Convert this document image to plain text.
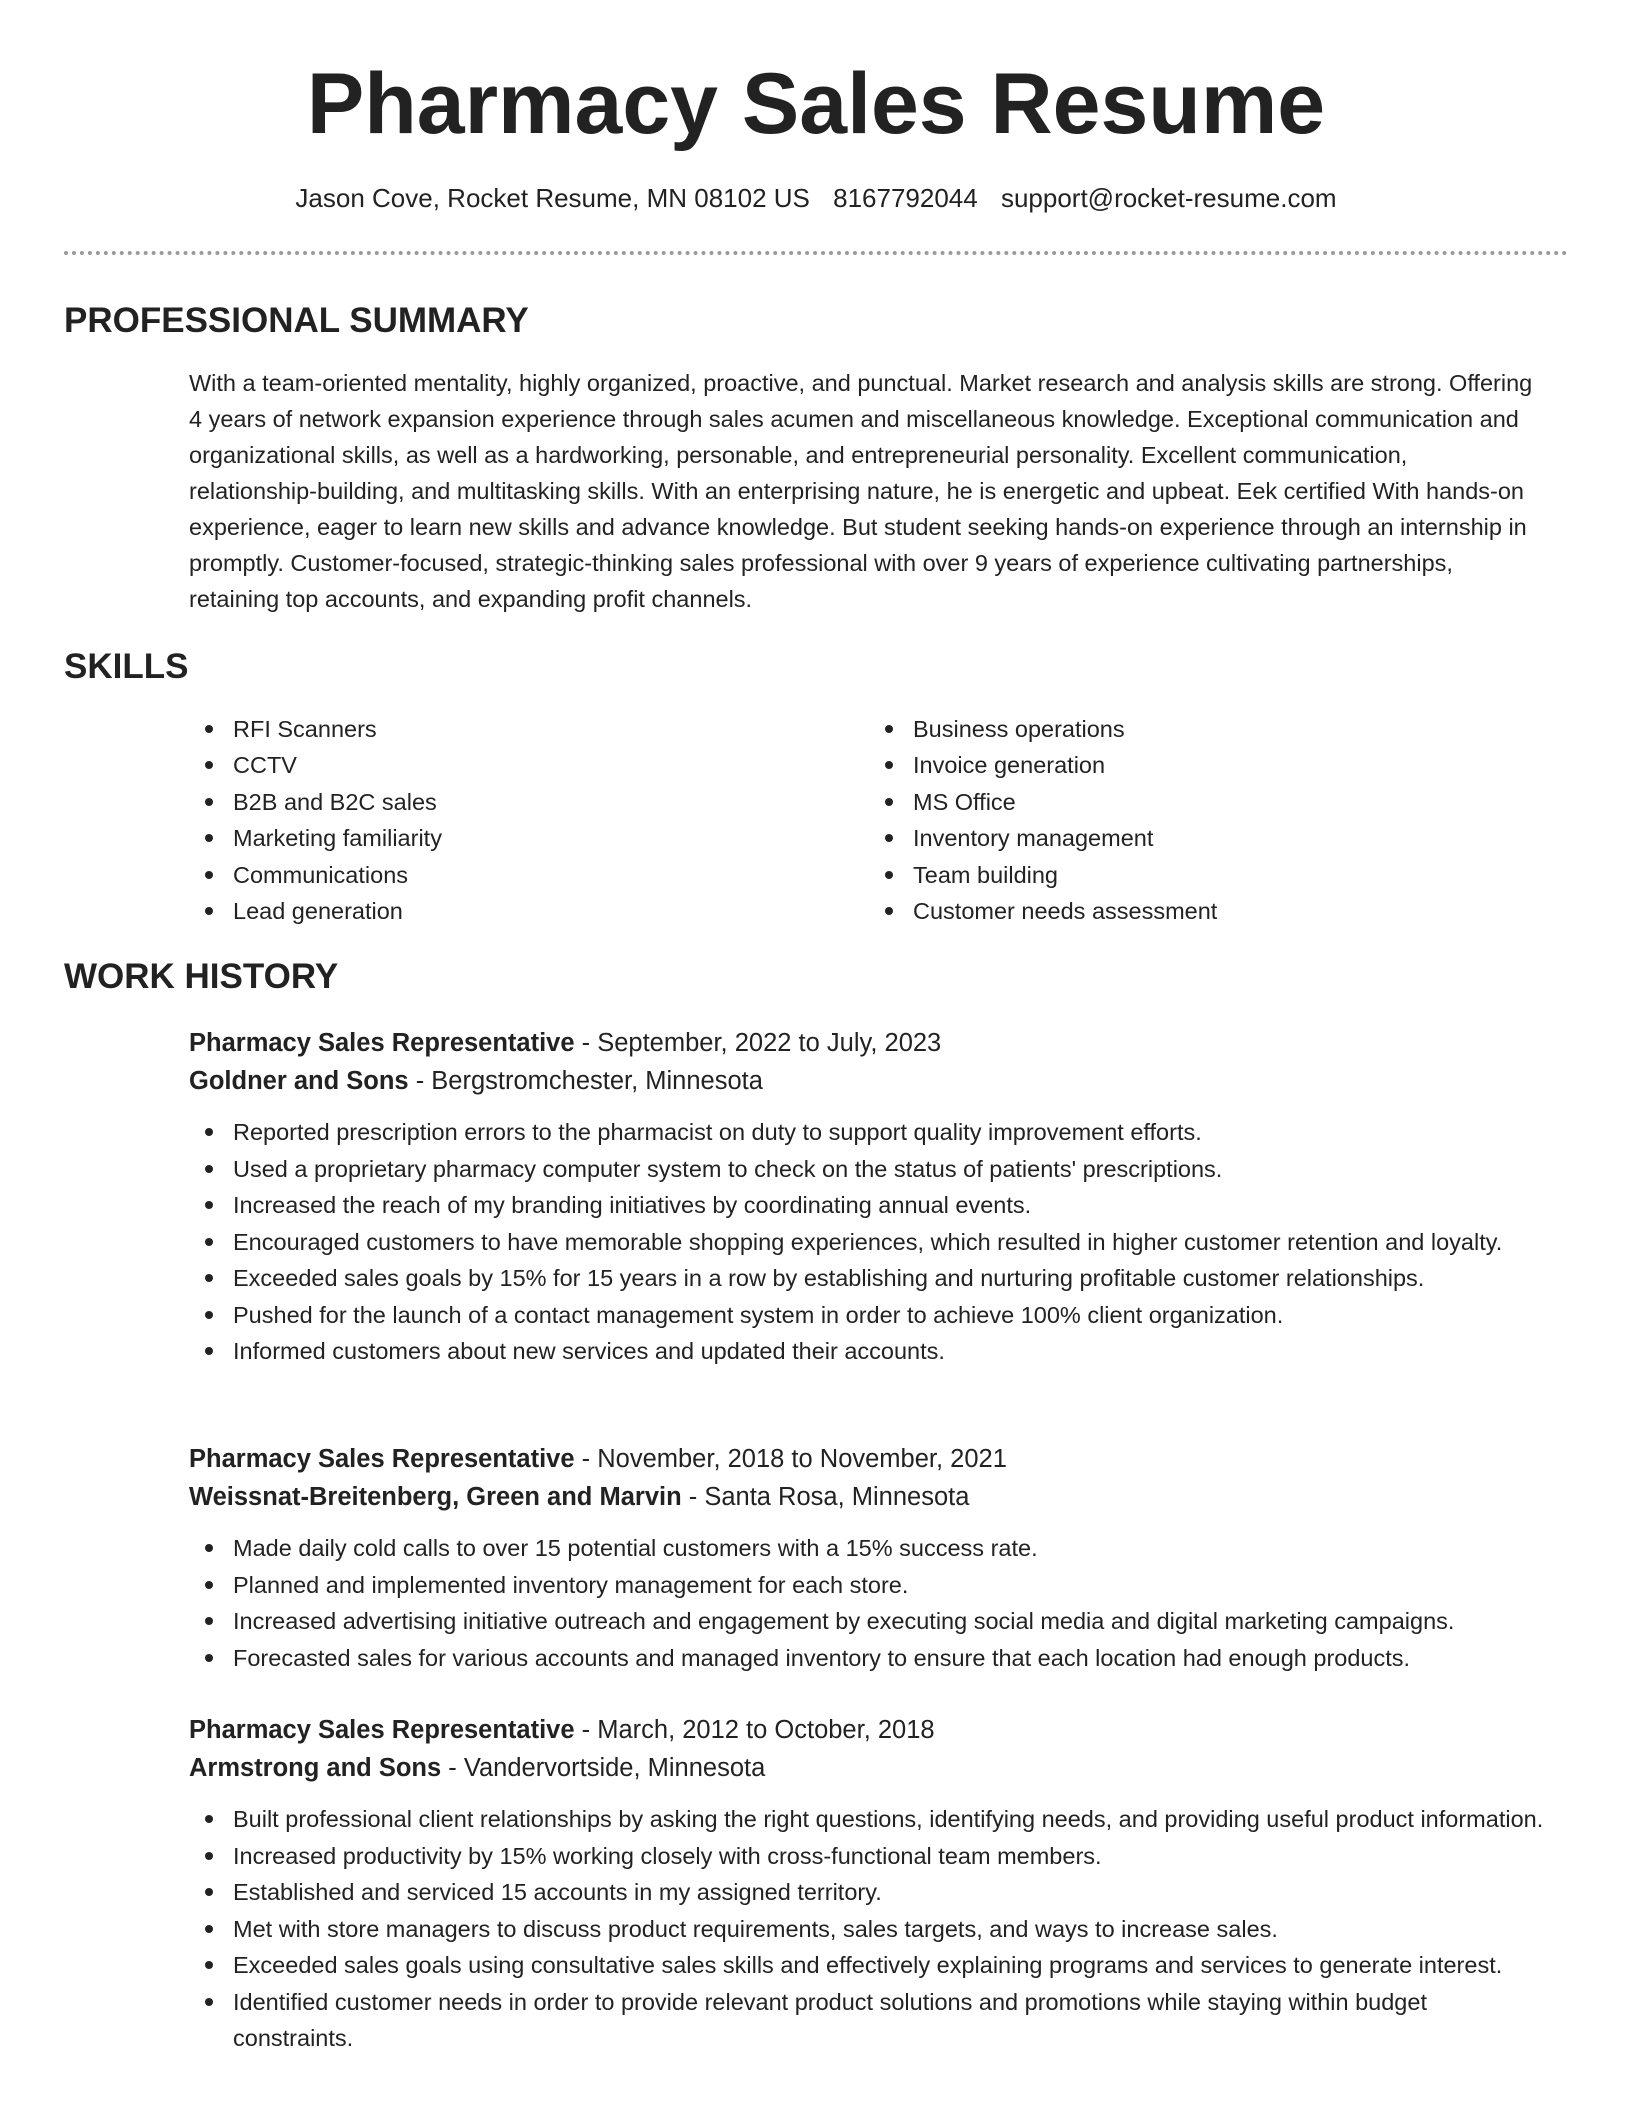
Pharmacy Sales Resume
Jason Cove, Rocket Resume, MN 08102 US 8167792044 support@rocket-resume.com
PROFESSIONAL SUMMARY

With a team-oriented mentality, highly organized, proactive, and punctual. Market research and analysis skills are strong. Offering 4 years of network expansion experience through sales acumen and miscellaneous knowledge. Exceptional communication and organizational skills, as well as a hardworking, personable, and entrepreneurial personality. Excellent communication, relationship-building, and multitasking skills. With an enterprising nature, he is energetic and upbeat. Eek certified With hands-on experience, eager to learn new skills and advance knowledge. But student seeking hands-on experience through an internship in promptly. Customer-focused, strategic-thinking sales professional with over 9 years of experience cultivating partnerships, retaining top accounts, and expanding profit channels.

SKILLS
RFI Scanners
CCTV
B2B and B2C sales
Marketing familiarity
Communications
Lead generation
Business operations
Invoice generation
MS Office
Inventory management
Team building
Customer needs assessment
WORK HISTORY

Pharmacy Sales Representative - September, 2022 to July, 2023

Goldner and Sons - Bergstromchester, Minnesota

Reported prescription errors to the pharmacist on duty to support quality improvement efforts.
Used a proprietary pharmacy computer system to check on the status of patients' prescriptions.
Increased the reach of my branding initiatives by coordinating annual events.
Encouraged customers to have memorable shopping experiences, which resulted in higher customer retention and loyalty.
Exceeded sales goals by 15% for 15 years in a row by establishing and nurturing profitable customer relationships.
Pushed for the launch of a contact management system in order to achieve 100% client organization.
Informed customers about new services and updated their accounts.

Pharmacy Sales Representative - November, 2018 to November, 2021

Weissnat-Breitenberg, Green and Marvin - Santa Rosa, Minnesota

Made daily cold calls to over 15 potential customers with a 15% success rate.
Planned and implemented inventory management for each store.
Increased advertising initiative outreach and engagement by executing social media and digital marketing campaigns.
Forecasted sales for various accounts and managed inventory to ensure that each location had enough products.

Pharmacy Sales Representative - March, 2012 to October, 2018

Armstrong and Sons - Vandervortside, Minnesota

Built professional client relationships by asking the right questions, identifying needs, and providing useful product information.
Increased productivity by 15% working closely with cross-functional team members.
Established and serviced 15 accounts in my assigned territory.
Met with store managers to discuss product requirements, sales targets, and ways to increase sales.
Exceeded sales goals using consultative sales skills and effectively explaining programs and services to generate interest.
Identified customer needs in order to provide relevant product solutions and promotions while staying within budget constraints.
